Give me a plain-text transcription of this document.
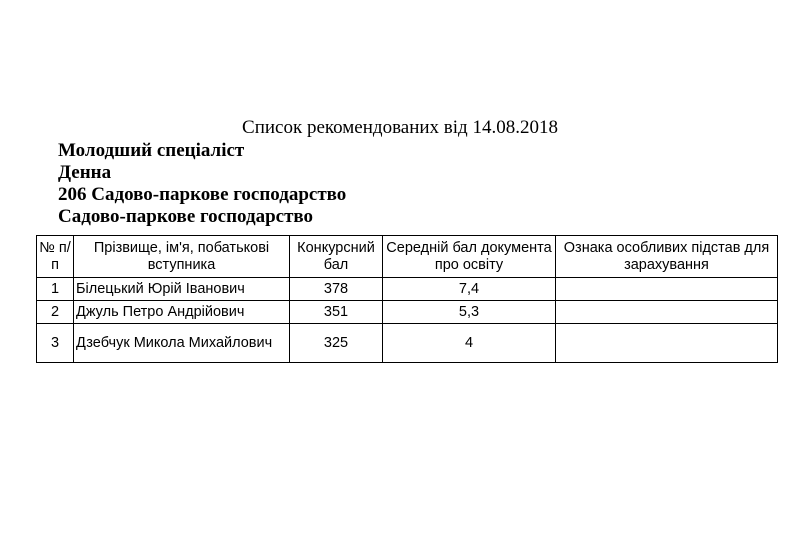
Список рекомендованих від 14.08.2018
Молодший спеціаліст
Денна
206 Садово-паркове господарство
Садово-паркове господарство
№ п/п	Прізвище, ім'я, побатькові вступника	Конкурсний бал	Середній бал документа про освіту	Ознака особливих підстав для зарахування
1	Білецький Юрій Іванович	378	7,4	
2	Джуль Петро Андрійович	351	5,3	
3	Дзебчук Микола Михайлович	325	4	
